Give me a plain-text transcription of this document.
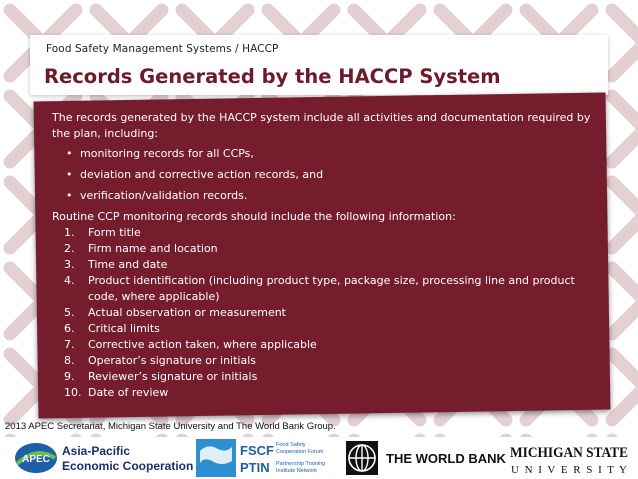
Food Safety Management Systems / HACCP
Records Generated by the HACCP System

The records generated by the HACCP system include all activities and documentation required by the plan, including:

• monitoring records for all CCPs,
• deviation and corrective action records, and
• verification/validation records.

Routine CCP monitoring records should include the following information:

1.	Form title
2.	Firm name and location
3.	Time and date
4.	Product identification (including product type, package size, processing line and product code, where applicable)
5.	Actual observation or measurement
6.	Critical limits
7.	Corrective action taken, where applicable
8.	Operator’s signature or initials
9.	Reviewer’s signature or initials
10. Date of review
2013 APEC Secretariat, Michigan State University and The World Bank Group.
APEC
Asia-Pacific
Economic Cooperation
FSCF
PTIN
Food Safety
Cooperation Forum
Partnership Training
Institute Network
THE WORLD BANK MICHIGAN STATE
U N I V E R S I T Y
